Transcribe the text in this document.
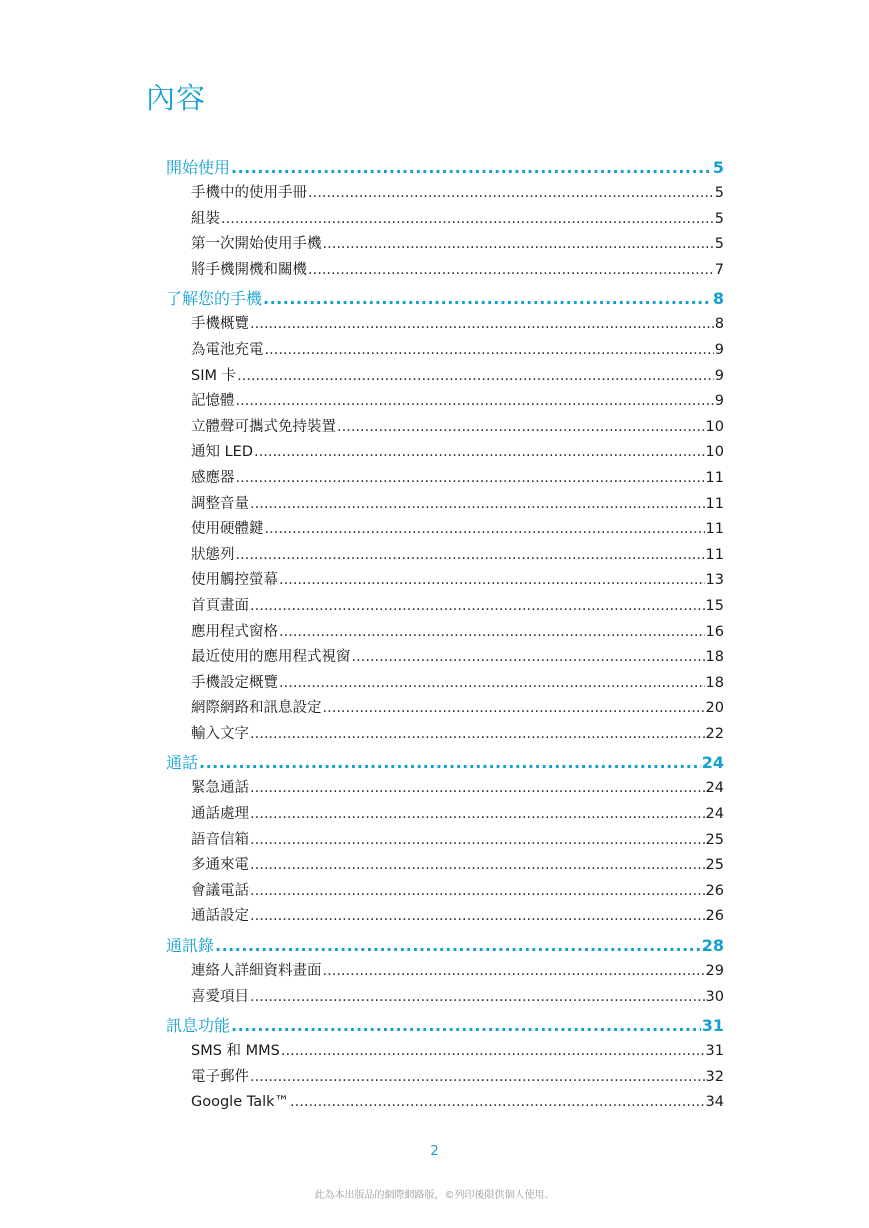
內容
開始使用 .....	5
手機中的使用手冊 .....	5
組裝 .....	5
第一次開始使用手機 .....	5
將手機開機和關機 .....	7
了解您的手機 .....	8
手機概覽 .....	8
為電池充電 .....	9
SIM 卡 .....	9
記憶體 .....	9
立體聲可攜式免持裝置 .....	10
通知 LED .....	10
感應器 .....	11
調整音量 .....	11
使用硬體鍵 .....	11
狀態列 .....	11
使用觸控螢幕 .....	13
首頁畫面 .....	15
應用程式窗格 .....	16
最近使用的應用程式視窗 .....	18
手機設定概覽 .....	18
網際網路和訊息設定 .....	20
輸入文字 .....	22
通話 .....	24
緊急通話 .....	24
通話處理 .....	24
語音信箱 .....	25
多通來電 .....	25
會議電話 .....	26
通話設定 .....	26
通訊錄 .....	28
連絡人詳細資料畫面 .....	29
喜愛項目 .....	30
訊息功能 .....	31
SMS 和 MMS .....	31
電子郵件 .....	32
Google Talk™ .....	34
2
此為本出版品的網際網路版，©列印後限供個人使用。
